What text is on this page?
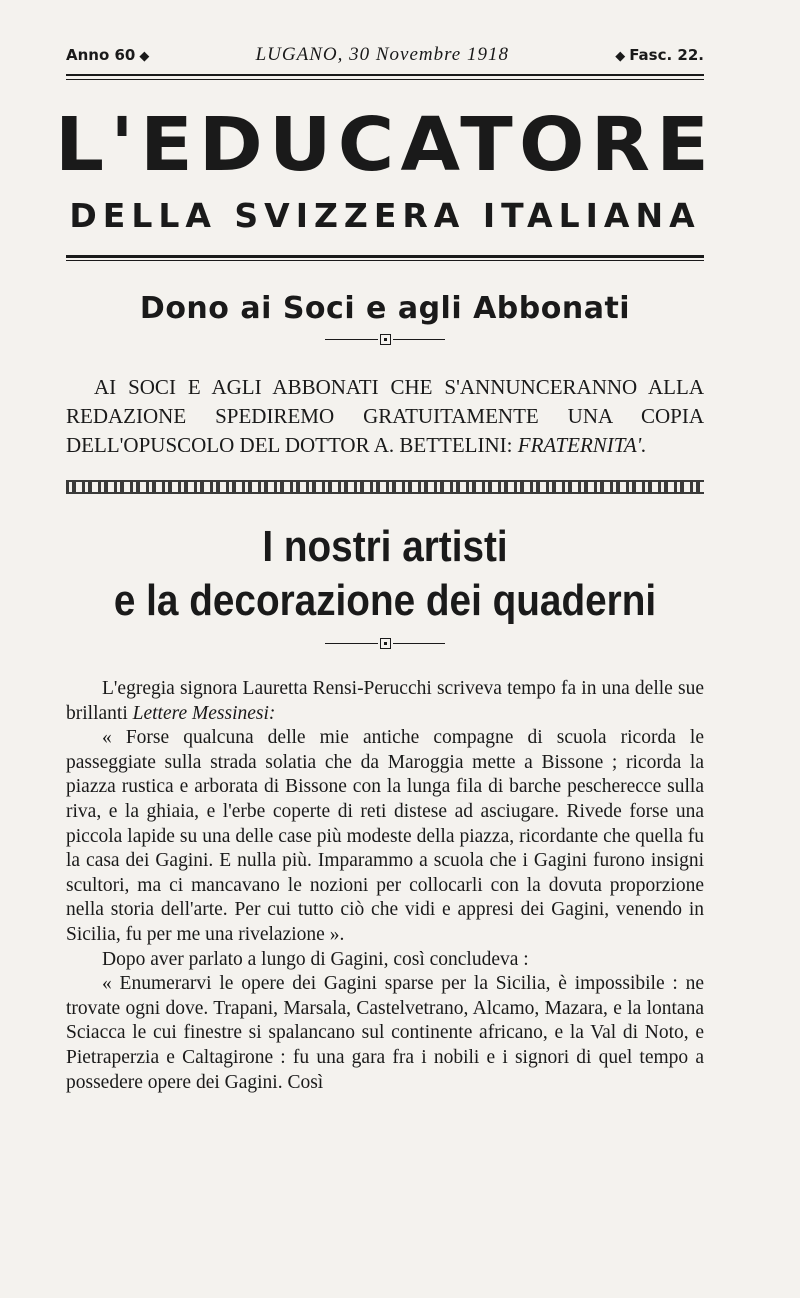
Anno 60 ◆	LUGANO, 30 Novembre 1918	◆ Fasc. 22.
L'EDUCATORE
DELLA SVIZZERA ITALIANA
Dono ai Soci e agli Abbonati
AI SOCI E AGLI ABBONATI CHE S'ANNUNCERANNO ALLA REDAZIONE SPEDIREMO GRATUITAMENTE UNA COPIA DELL'OPUSCOLO DEL DOTTOR A. BETTELINI: FRATERNITA'.
I nostri artisti
e la decorazione dei quaderni

L'egregia signora Lauretta Rensi-Perucchi scriveva tempo fa in una delle sue brillanti Lettere Messinesi:

« Forse qualcuna delle mie antiche compagne di scuola ricorda le passeggiate sulla strada solatia che da Maroggia mette a Bissone ; ricorda la piazza rustica e arborata di Bissone con la lunga fila di barche pescherecce sulla riva, e la ghiaia, e l'erbe coperte di reti distese ad asciugare. Rivede forse una piccola lapide su una delle case più modeste della piazza, ricordante che quella fu la casa dei Gagini. E nulla più. Imparammo a scuola che i Gagini furono insigni scultori, ma ci mancavano le nozioni per collocarli con la dovuta proporzione nella storia dell'arte. Per cui tutto ciò che vidi e appresi dei Gagini, venendo in Sicilia, fu per me una rivelazione ».

Dopo aver parlato a lungo di Gagini, così concludeva :

« Enumerarvi le opere dei Gagini sparse per la Sicilia, è impossibile : ne trovate ogni dove. Trapani, Marsala, Castelvetrano, Alcamo, Mazara, e la lontana Sciacca le cui finestre si spalancano sul continente africano, e la Val di Noto, e Pietraperzia e Caltagirone : fu una gara fra i nobili e i signori di quel tempo a possedere opere dei Gagini. Così
